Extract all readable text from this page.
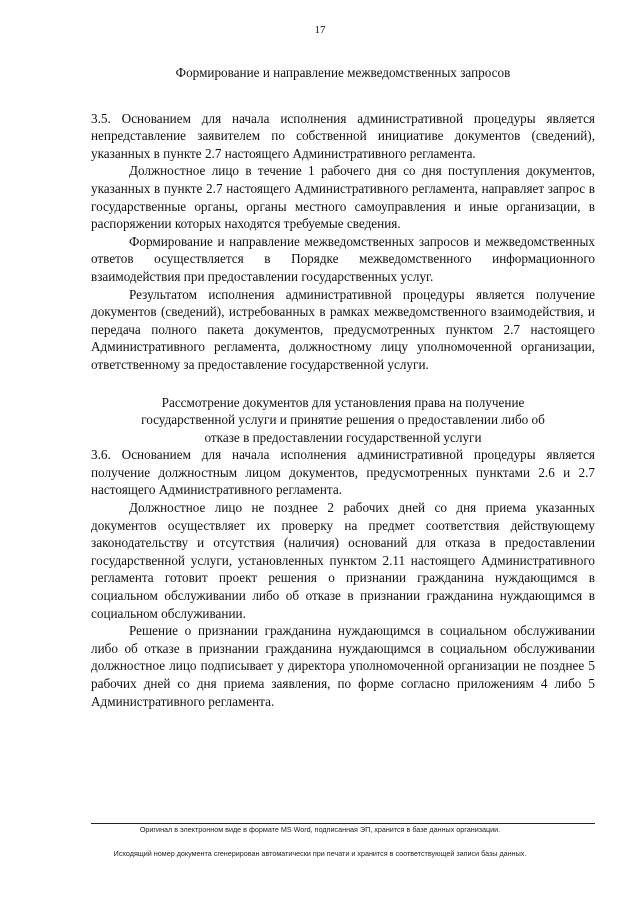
17

Формирование и направление межведомственных запросов

3.5. Основанием для начала исполнения административной процедуры является непредставление заявителем по собственной инициативе документов (сведений), указанных в пункте 2.7 настоящего Административного регламента.

Должностное лицо в течение 1 рабочего дня со дня поступления документов, указанных в пункте 2.7 настоящего Административного регламента, направляет запрос в государственные органы, органы местного самоуправления и иные организации, в распоряжении которых находятся требуемые сведения.

Формирование и направление межведомственных запросов и межведомственных ответов осуществляется в Порядке межведомственного информационного взаимодействия при предоставлении государственных услуг.

Результатом исполнения административной процедуры является получение документов (сведений), истребованных в рамках межведомственного взаимодействия, и передача полного пакета документов, предусмотренных пунктом 2.7 настоящего Административного регламента, должностному лицу уполномоченной организации, ответственному за предоставление государственной услуги.

Рассмотрение документов для установления права на получение
государственной услуги и принятие решения о предоставлении либо об
отказе в предоставлении государственной услуги

3.6. Основанием для начала исполнения административной процедуры является получение должностным лицом документов, предусмотренных пунктами 2.6 и 2.7 настоящего Административного регламента.

Должностное лицо не позднее 2 рабочих дней со дня приема указанных документов осуществляет их проверку на предмет соответствия действующему законодательству и отсутствия (наличия) оснований для отказа в предоставлении государственной услуги, установленных пунктом 2.11 настоящего Административного регламента готовит проект решения о признании гражданина нуждающимся в социальном обслуживании либо об отказе в признании гражданина нуждающимся в социальном обслуживании.

Решение о признании гражданина нуждающимся в социальном обслуживании либо об отказе в признании гражданина нуждающимся в социальном обслуживании должностное лицо подписывает у директора уполномоченной организации не позднее 5 рабочих дней со дня приема заявления, по форме согласно приложениям 4 либо 5 Административного регламента.

Оригинал в электронном виде в формате MS Word, подписанная ЭП, хранится в базе данных организации.
Исходящий номер документа сгенерирован автоматически при печати и хранится в соответствующей записи базы данных.
